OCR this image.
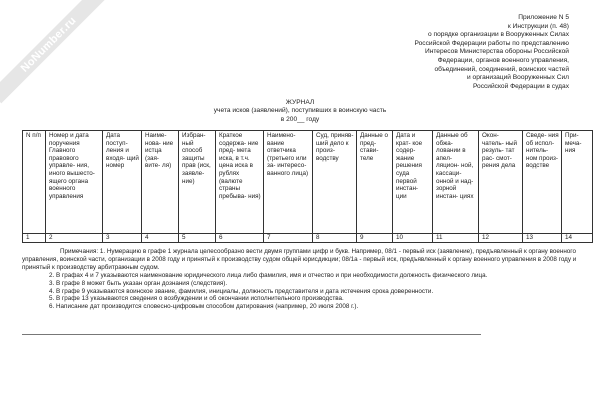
NoNumber.ru	Приложение N 5
к Инструкции (п. 48)
о порядке организации в Вооруженных Силах
Российской Федерации работы по представлению
Интересов Министерства обороны Российской
Федерации, органов военного управления,
объединений, соединений, воинских частей
и организаций Вооруженных Сил
Российской Федерации в судах
ЖУРНАЛ
учета исков (заявлений), поступивших в воинскую часть
в 200__ году
N п/п	Номер и дата поручения Главного правового управле- ния, иного вышесто- ящего органа военного управления	Дата поступ- ления и входя- щий номер	Наиме- нова- ние истца (зая- вите- ля)	Избран- ный способ защиты прав (иск, заявле- ние)	Краткое содержа- ние пред- мета иска, в т.ч. цена иска в рублях (валюте страны пребыва- ния)	Наимено- вание ответчика (третьего или за- интересо- ванного лица)	Суд, приняв- ший дело к произ- водству	Данные о пред- стави- теле	Дата и крат- кое содер- жание решения суда первой инстан- ции	Данные об обжа- ловании в апел- ляцион- ной, кассаци- онной и над- зорной инстан- циях	Окон- чатель- ный резуль- тат рас- смот- рения дела	Сведе- ния об испол- нитель- ном произ- водстве	При- меча- ния
1	2	3	4	5	6	7	8	9	10	11	12	13	14

Примечания: 1. Нумерацию в графе 1 журнала целесообразно вести двумя группами цифр и букв. Например, 08/1 - первый иск (заявление), предъявленный к органу военного управления, воинской части, организации в 2008 году и принятый к производству судом общей юрисдикции; 08/1а - первый иск, предъявленный к органу военного управления в 2008 году и принятый к производству арбитражным судом.

2. В графах 4 и 7 указываются наименование юридического лица либо фамилия, имя и отчество и при необходимости должность физического лица.

3. В графе 8 может быть указан орган дознания (следствия).

4. В графе 9 указываются воинское звание, фамилия, инициалы, должность представителя и дата истечения срока доверенности.

5. В графе 13 указываются сведения о возбуждении и об окончании исполнительного производства.

6. Написание дат производится словесно-цифровым способом датирования (например, 20 июля 2008 г.).
